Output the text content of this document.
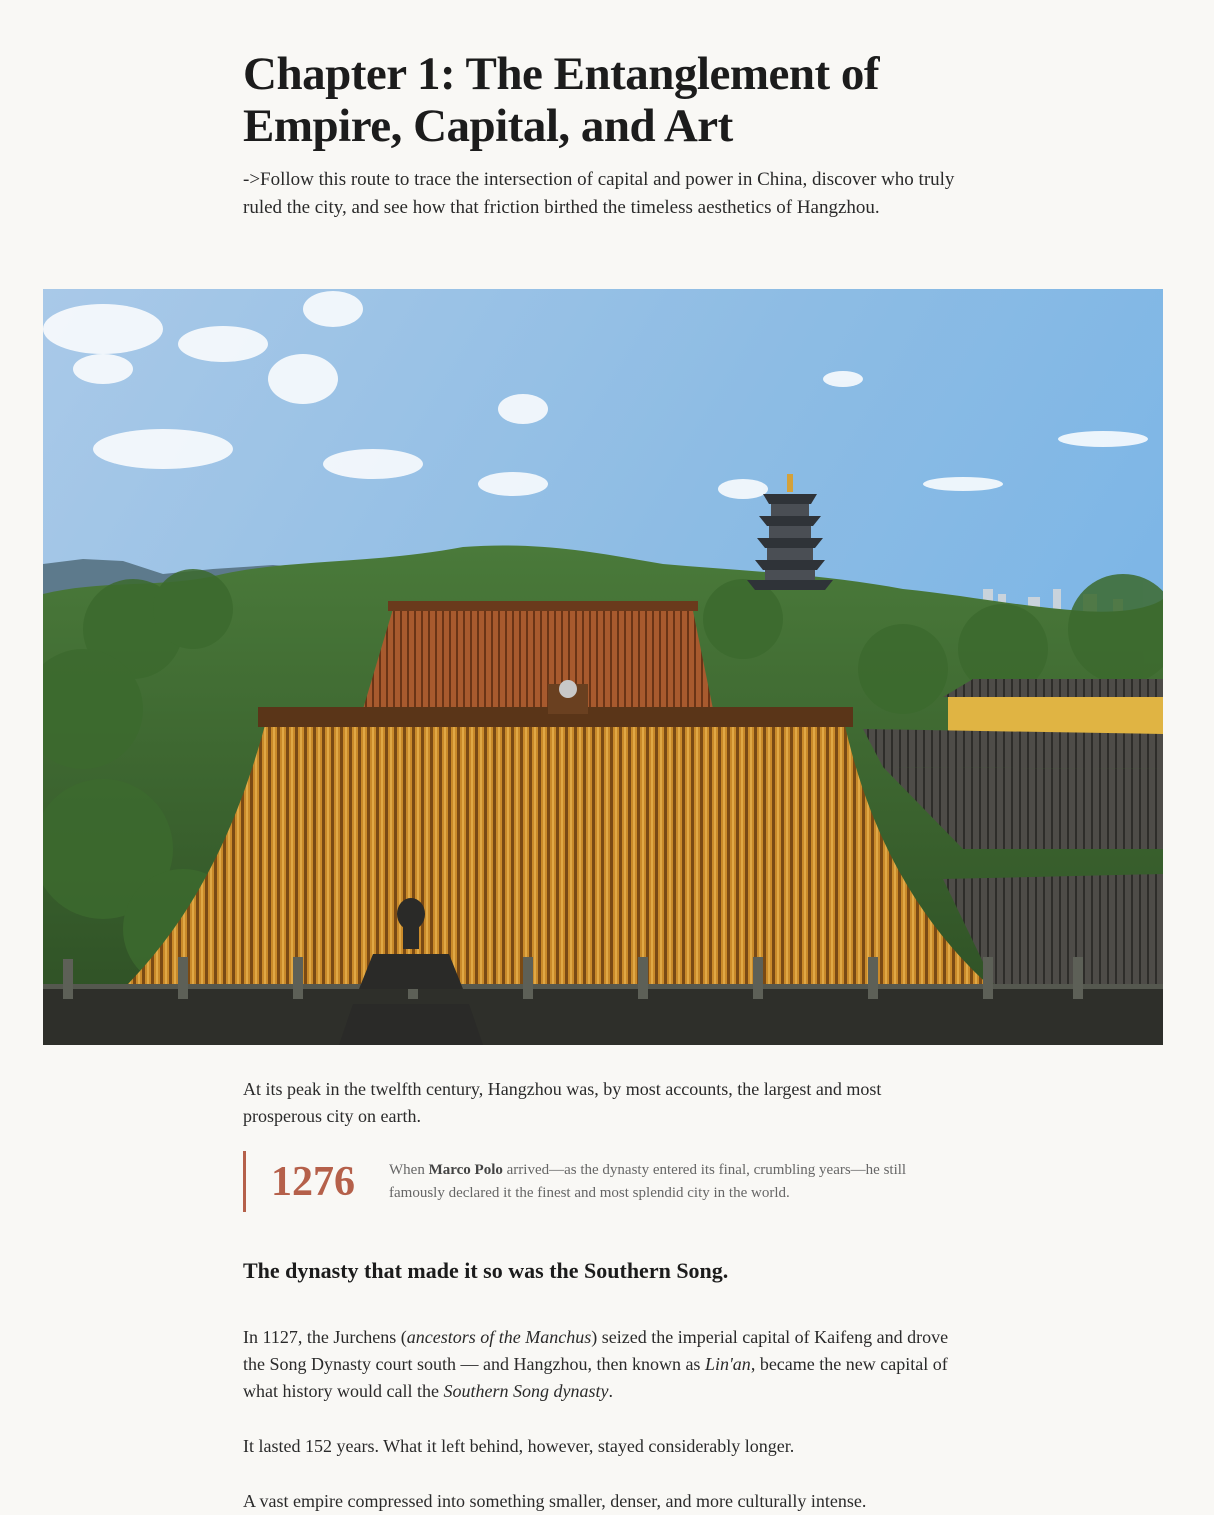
Chapter 1: The Entanglement of Empire, Capital, and Art

->Follow this route to trace the intersection of capital and power in China, discover who truly ruled the city, and see how that friction birthed the timeless aesthetics of Hangzhou.

At its peak in the twelfth century, Hangzhou was, by most accounts, the largest and most prosperous city on earth.

1276	When Marco Polo arrived—as the dynasty entered its final, crumbling years—he still famously declared it the finest and most splendid city in the world.
The dynasty that made it so was the Southern Song.

In 1127, the Jurchens (ancestors of the Manchus) seized the imperial capital of Kaifeng and drove the Song Dynasty court south — and Hangzhou, then known as Lin'an, became the new capital of what history would call the Southern Song dynasty.

It lasted 152 years. What it left behind, however, stayed considerably longer.

A vast empire compressed into something smaller, denser, and more culturally intense.
